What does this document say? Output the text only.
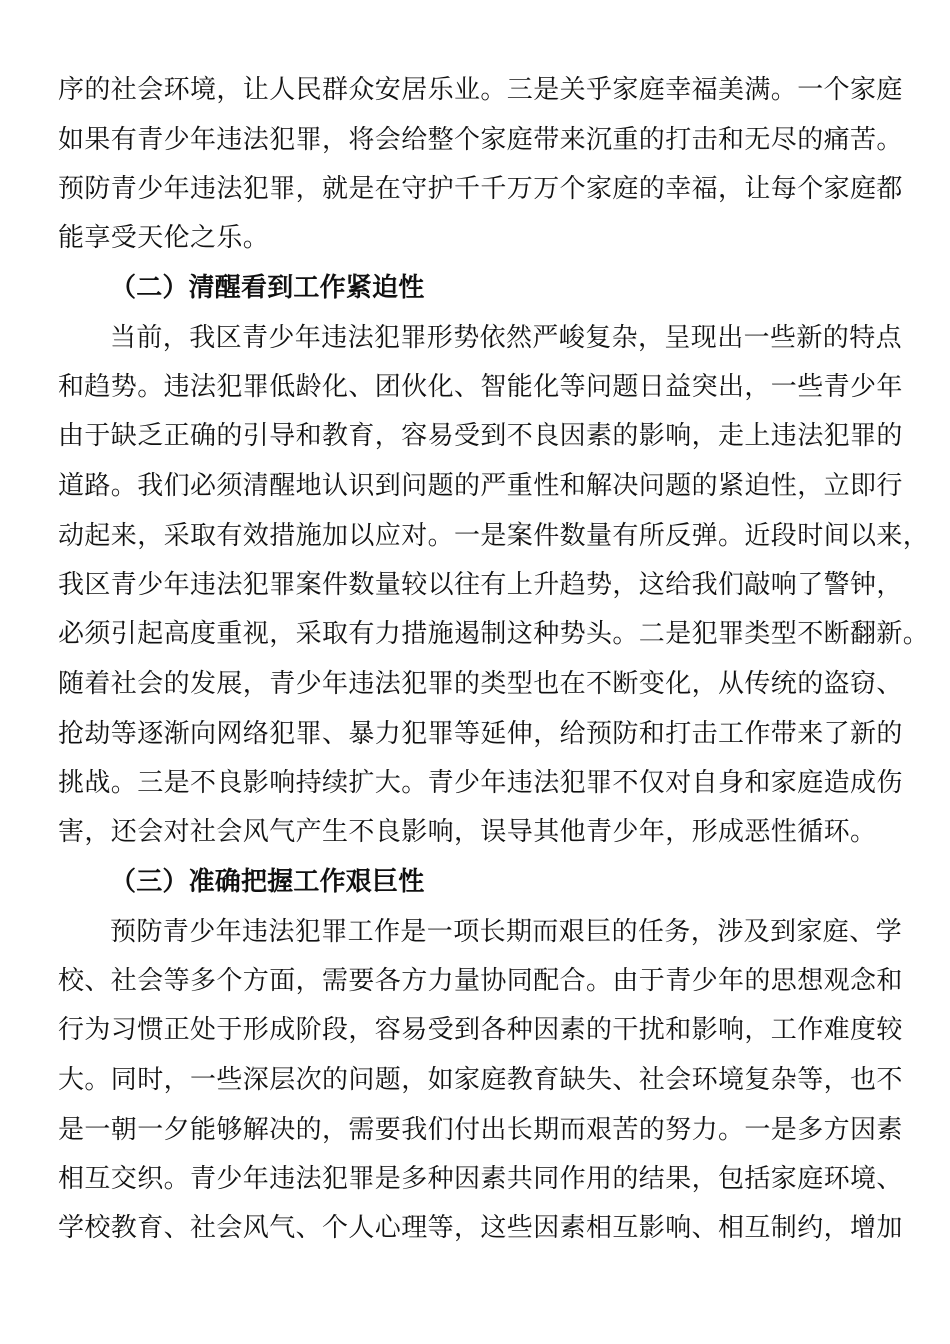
序的社会环境，让人民群众安居乐业。三是关乎家庭幸福美满。一个家庭
如果有青少年违法犯罪，将会给整个家庭带来沉重的打击和无尽的痛苦。
预防青少年违法犯罪，就是在守护千千万万个家庭的幸福，让每个家庭都
能享受天伦之乐。
（二）清醒看到工作紧迫性
当前，我区青少年违法犯罪形势依然严峻复杂，呈现出一些新的特点
和趋势。违法犯罪低龄化、团伙化、智能化等问题日益突出，一些青少年
由于缺乏正确的引导和教育，容易受到不良因素的影响，走上违法犯罪的
道路。我们必须清醒地认识到问题的严重性和解决问题的紧迫性，立即行
动起来，采取有效措施加以应对。一是案件数量有所反弹。近段时间以来，
我区青少年违法犯罪案件数量较以往有上升趋势，这给我们敲响了警钟，
必须引起高度重视，采取有力措施遏制这种势头。二是犯罪类型不断翻新。
随着社会的发展，青少年违法犯罪的类型也在不断变化，从传统的盗窃、
抢劫等逐渐向网络犯罪、暴力犯罪等延伸，给预防和打击工作带来了新的
挑战。三是不良影响持续扩大。青少年违法犯罪不仅对自身和家庭造成伤
害，还会对社会风气产生不良影响，误导其他青少年，形成恶性循环。
（三）准确把握工作艰巨性
预防青少年违法犯罪工作是一项长期而艰巨的任务，涉及到家庭、学
校、社会等多个方面，需要各方力量协同配合。由于青少年的思想观念和
行为习惯正处于形成阶段，容易受到各种因素的干扰和影响，工作难度较
大。同时，一些深层次的问题，如家庭教育缺失、社会环境复杂等，也不
是一朝一夕能够解决的，需要我们付出长期而艰苦的努力。一是多方因素
相互交织。青少年违法犯罪是多种因素共同作用的结果，包括家庭环境、
学校教育、社会风气、个人心理等，这些因素相互影响、相互制约，增加
